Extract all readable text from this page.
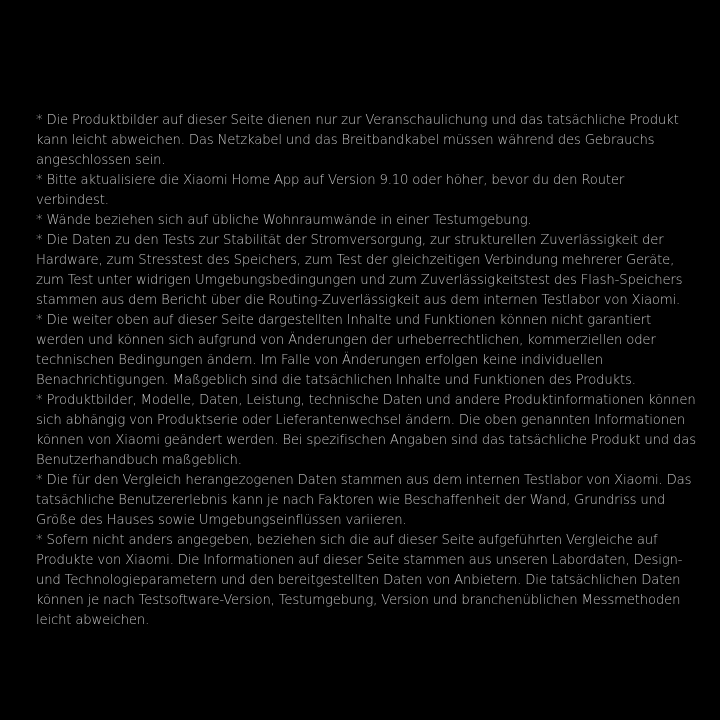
* Die Produktbilder auf dieser Seite dienen nur zur Veranschaulichung und das tatsächliche Produkt kann leicht abweichen. Das Netzkabel und das Breitbandkabel müssen während des Gebrauchs angeschlossen sein.

* Bitte aktualisiere die Xiaomi Home App auf Version 9.10 oder höher, bevor du den Router verbindest.

* Wände beziehen sich auf übliche Wohnraumwände in einer Testumgebung.

* Die Daten zu den Tests zur Stabilität der Stromversorgung, zur strukturellen Zuverlässigkeit der Hardware, zum Stresstest des Speichers, zum Test der gleichzeitigen Verbindung mehrerer Geräte, zum Test unter widrigen Umgebungsbedingungen und zum Zuverlässigkeitstest des Flash-Speichers stammen aus dem Bericht über die Routing-Zuverlässigkeit aus dem internen Testlabor von Xiaomi.

* Die weiter oben auf dieser Seite dargestellten Inhalte und Funktionen können nicht garantiert werden und können sich aufgrund von Änderungen der urheberrechtlichen, kommerziellen oder technischen Bedingungen ändern. Im Falle von Änderungen erfolgen keine individuellen Benachrichtigungen. Maßgeblich sind die tatsächlichen Inhalte und Funktionen des Produkts.

* Produktbilder, Modelle, Daten, Leistung, technische Daten und andere Produktinformationen können sich abhängig von Produktserie oder Lieferantenwechsel ändern. Die oben genannten Informationen können von Xiaomi geändert werden. Bei spezifischen Angaben sind das tatsächliche Produkt und das Benutzerhandbuch maßgeblich.

* Die für den Vergleich herangezogenen Daten stammen aus dem internen Testlabor von Xiaomi. Das tatsächliche Benutzererlebnis kann je nach Faktoren wie Beschaffenheit der Wand, Grundriss und Größe des Hauses sowie Umgebungseinflüssen variieren.

* Sofern nicht anders angegeben, beziehen sich die auf dieser Seite aufgeführten Vergleiche auf Produkte von Xiaomi. Die Informationen auf dieser Seite stammen aus unseren Labordaten, Design- und Technologieparametern und den bereitgestellten Daten von Anbietern. Die tatsächlichen Daten können je nach Testsoftware-Version, Testumgebung, Version und branchenüblichen Messmethoden leicht abweichen.
